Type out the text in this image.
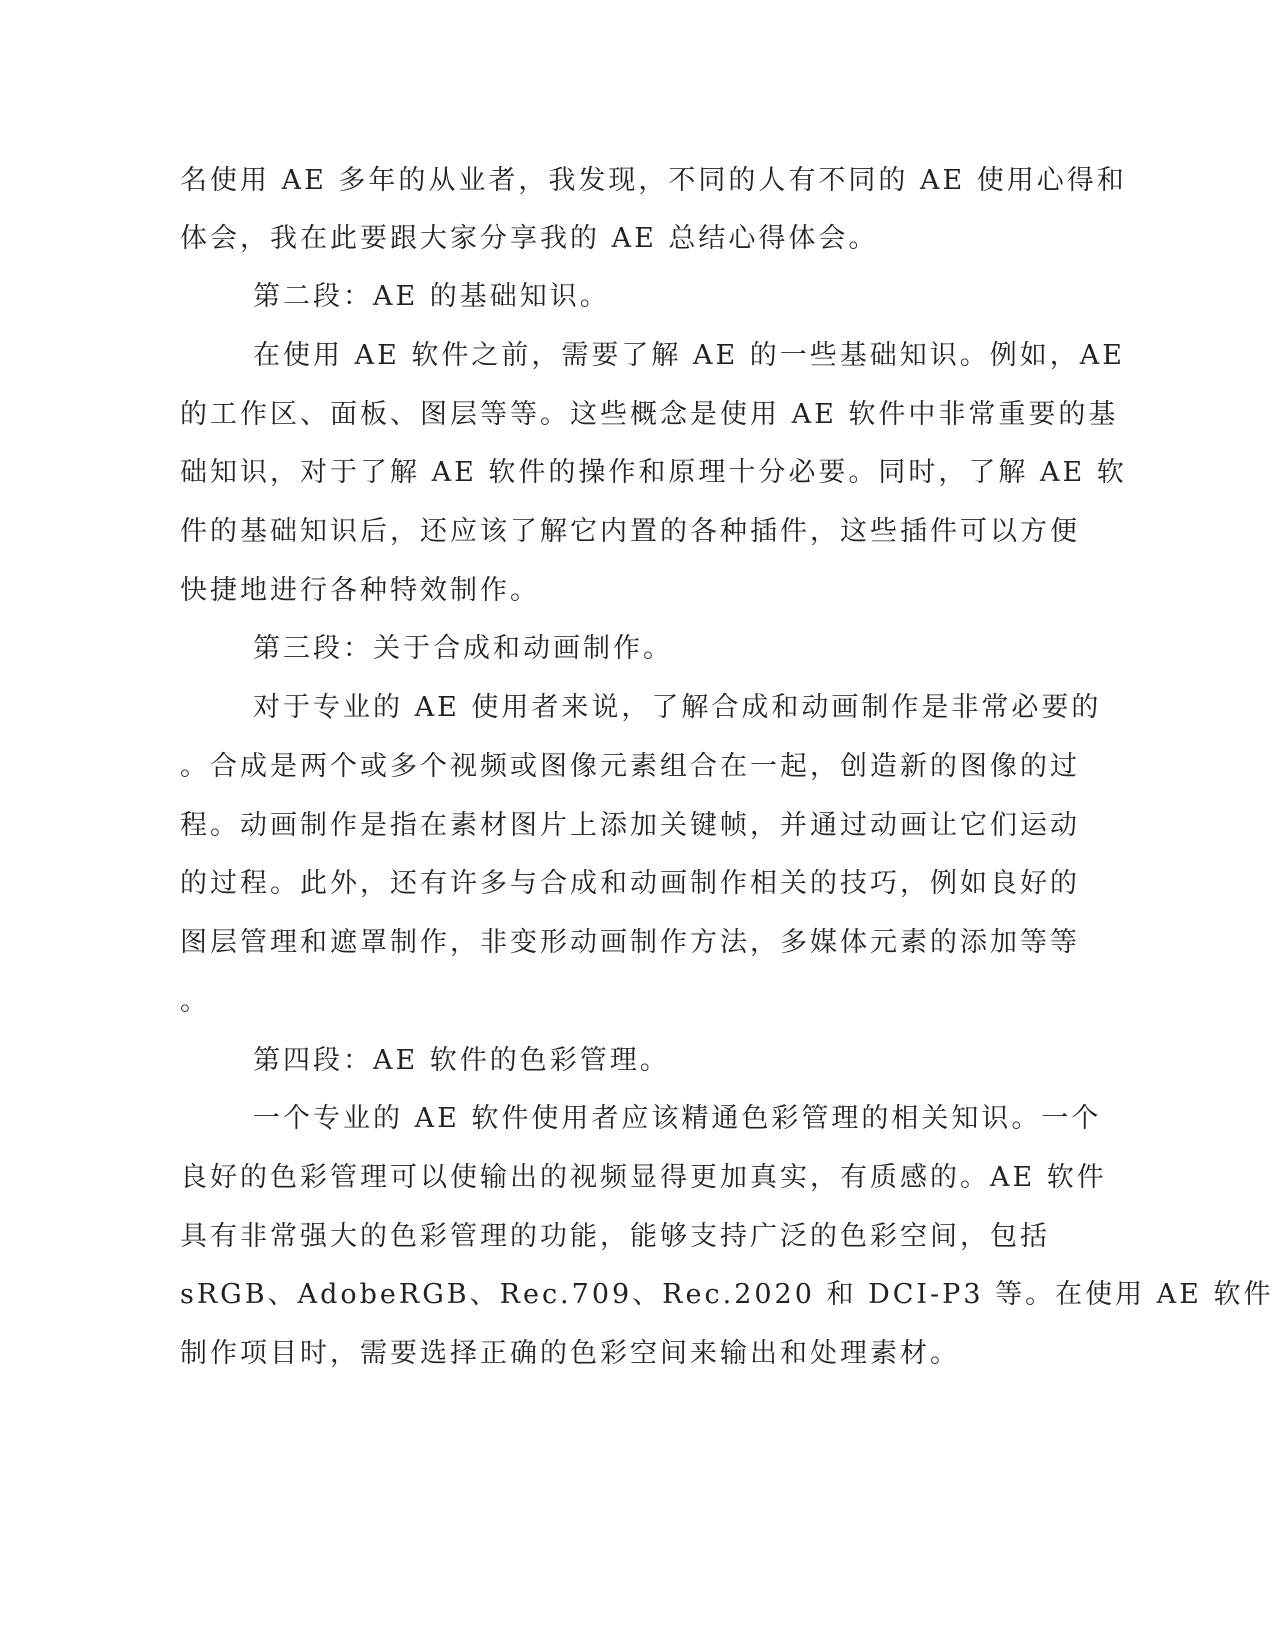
名使用 AE 多年的从业者，我发现，不同的人有不同的 AE 使用心得和

体会，我在此要跟大家分享我的 AE 总结心得体会。

第二段：AE 的基础知识。

在使用 AE 软件之前，需要了解 AE 的一些基础知识。例如，AE

的工作区、面板、图层等等。这些概念是使用 AE 软件中非常重要的基

础知识，对于了解 AE 软件的操作和原理十分必要。同时，了解 AE 软

件的基础知识后，还应该了解它内置的各种插件，这些插件可以方便

快捷地进行各种特效制作。

第三段：关于合成和动画制作。

对于专业的 AE 使用者来说，了解合成和动画制作是非常必要的

。合成是两个或多个视频或图像元素组合在一起，创造新的图像的过

程。动画制作是指在素材图片上添加关键帧，并通过动画让它们运动

的过程。此外，还有许多与合成和动画制作相关的技巧，例如良好的

图层管理和遮罩制作，非变形动画制作方法，多媒体元素的添加等等

。

第四段：AE 软件的色彩管理。

一个专业的 AE 软件使用者应该精通色彩管理的相关知识。一个

良好的色彩管理可以使输出的视频显得更加真实，有质感的。AE 软件

具有非常强大的色彩管理的功能，能够支持广泛的色彩空间，包括

sRGB、AdobeRGB、Rec.709、Rec.2020 和 DCI-P3 等。在使用 AE 软件

制作项目时，需要选择正确的色彩空间来输出和处理素材。
